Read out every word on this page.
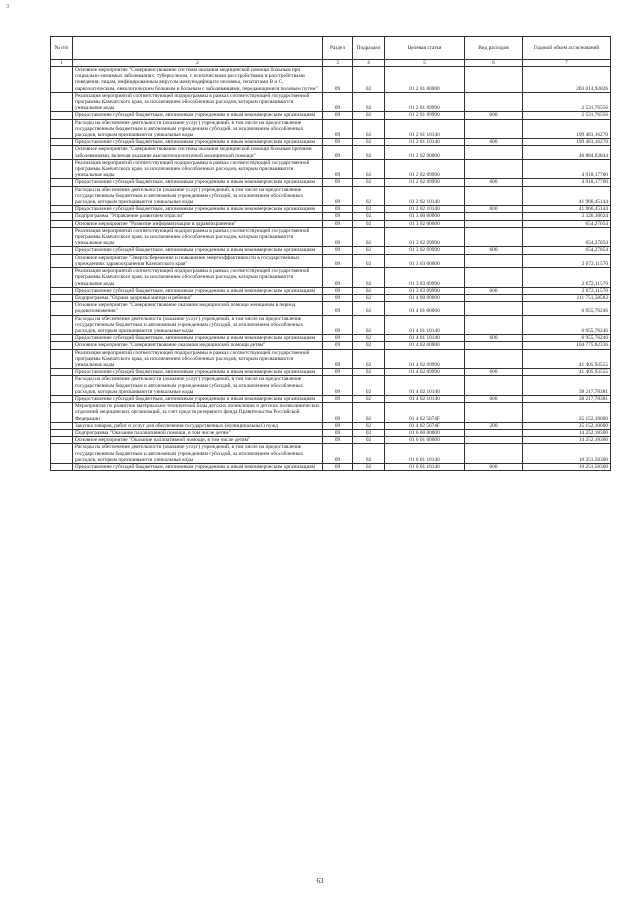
3
№ п/п		Раздел	Подраздел	Целевая статья	Вид расходов	Годовой объем ассигнований
1	2	3	4	5	6	7
	Основное мероприятие "Совершенствование системы оказания медицинской помощи больным при социально-значимых заболеваниях: туберкулезом, с психическими расстройствами и расстройствами поведения, лицам, инфицированным вирусом иммунодефицита человека, гепатитами В и С, наркологическим, онкологическим больным и больным с заболеваниями, передающимися половым путем"	09	02	01 2 01 00000		203 014,92826
	Реализация мероприятий соответствующей подпрограммы в рамках соответствующей государственной программы Камчатского края, за исключением обособленных расходов, которым присваиваются уникальные коды	09	02	01 2 01 09990		2 531,76556
	Предоставление субсидий бюджетным, автономным учреждениям и иным некоммерческим организациям	09	02	01 2 01 09990	600	2 531,76556
	Расходы на обеспечение деятельности (оказание услуг) учреждений, в том числе на предоставление государственным бюджетным и автономным учреждениям субсидий, за исключением обособленных расходов, которым присваиваются уникальные коды	09	02	01 2 01 10140		199 483,16270
	Предоставление субсидий бюджетным, автономным учреждениям и иным некоммерческим организациям	09	02	01 2 01 10140	600	199 483,16270
	Основное мероприятие "Совершенствование системы оказания медицинской помощи больным прочими заболеваниями, включая оказание высокотехнологичной медицинской помощи"	09	02	01 2 02 00000		46 884,62844
	Реализация мероприятий соответствующей подпрограммы в рамках соответствующей государственной программы Камчатского края, за исключением обособленных расходов, которым присваиваются уникальные коды	09	02	01 2 02 09990		4 918,17700
	Предоставление субсидий бюджетным, автономным учреждениям и иным некоммерческим организациям	09	02	01 2 02 09990	600	4 918,17700
	Расходы на обеспечение деятельности (оказание услуг) учреждений, в том числе на предоставление государственным бюджетным и автономным учреждениям субсидий, за исключением обособленных расходов, которым присваиваются уникальные коды	09	02	01 2 02 10140		41 966,45144
	Предоставление субсидий бюджетным, автономным учреждениям и иным некоммерческим организациям	09	02	01 2 02 10140	600	41 966,45144
	Подпрограмма "Управление развитием отрасли"	09	02	01 3 00 00000		3 326,38624
	Основное мероприятие "Развитие информатизации в здравоохранении"	09	02	01 3 02 00000		654,27054
	Реализация мероприятий соответствующей подпрограммы в рамках соответствующей государственной программы Камчатского края, за исключением обособленных расходов, которым присваиваются уникальные коды	09	02	01 3 02 09990		654,27054
	Предоставление субсидий бюджетным, автономным учреждениям и иным некоммерческим организациям	09	02	01 3 02 09990	600	654,27054
	Основное мероприятие "Энергосбережение и повышение энергоэффективности в государственных учреждениях здравоохранения Камчатского края"	09	02	01 3 03 00000		2 672,11570
	Реализация мероприятий соответствующей подпрограммы в рамках соответствующей государственной программы Камчатского края, за исключением обособленных расходов, которым присваиваются уникальные коды	09	02	01 3 03 09990		2 672,11570
	Предоставление субсидий бюджетным, автономным учреждениям и иным некоммерческим организациям	09	02	01 3 03 09990	600	2 672,11570
	Подпрограмма "Охрана здоровья матери и ребенка"	09	02	01 4 00 00000		111 751,58582
	Основное мероприятие "Совершенствование оказания медицинской помощи женщинам в период родовспоможения"	09	02	01 4 01 00000		6 955,76246
	Расходы на обеспечение деятельности (оказание услуг) учреждений, в том числе на предоставление государственным бюджетным и автономным учреждениям субсидий, за исключением обособленных расходов, которым присваиваются уникальные коды	09	02	01 4 01 10140		6 955,76246
	Предоставление субсидий бюджетным, автономным учреждениям и иным некоммерческим организациям	09	02	01 4 01 10140	600	6 955,76246
	Основное мероприятие "Совершенствование оказания медицинской помощи детям"	09	02	01 4 02 00000		104 775,82336
	Реализация мероприятий соответствующей подпрограммы в рамках соответствующей государственной программы Камчатского края, за исключением обособленных расходов, которым присваиваются уникальные коды	09	02	01 4 02 09990		41 405,93555
	Предоставление субсидий бюджетным, автономным учреждениям и иным некоммерческим организациям	09	02	01 4 02 09990	600	41 405,93555
	Расходы на обеспечение деятельности (оказание услуг) учреждений, в том числе на предоставление государственным бюджетным и автономным учреждениям субсидий, за исключением обособленных расходов, которым присваиваются уникальные коды	09	02	01 4 02 10140		38 217,78381
	Предоставление субсидий бюджетным, автономным учреждениям и иным некоммерческим организациям	09	02	01 4 02 10140	600	38 217,78381
	Мероприятия по развитию материально-технической базы детских поликлиник и детских поликлинических отделений медицинских организаций, за счет средств резервного фонда Правительства Российской Федерации	09	02	01 4 02 5674F		25 152,10000
	Закупка товаров, работ и услуг для обеспечения государственных (муниципальных) нужд	09	02	01 4 02 5674F	200	25 152,10000
	Подпрограмма "Оказание паллиативной помощи, в том числе детям"	09	02	01 6 00 00000		14 252,18300
	Основное мероприятие "Оказание паллиативной помощи, в том числе детям"	09	02	01 6 01 00000		14 252,18300
	Расходы на обеспечение деятельности (оказание услуг) учреждений, в том числе на предоставление государственным бюджетным и автономным учреждениям субсидий, за исключением обособленных расходов, которым присваиваются уникальные коды	09	02	01 6 01 10140		10 251,58300
	Предоставление субсидий бюджетным, автономным учреждениям и иным некоммерческим организациям	09	02	01 6 01 10140	600	10 251,58300
63
